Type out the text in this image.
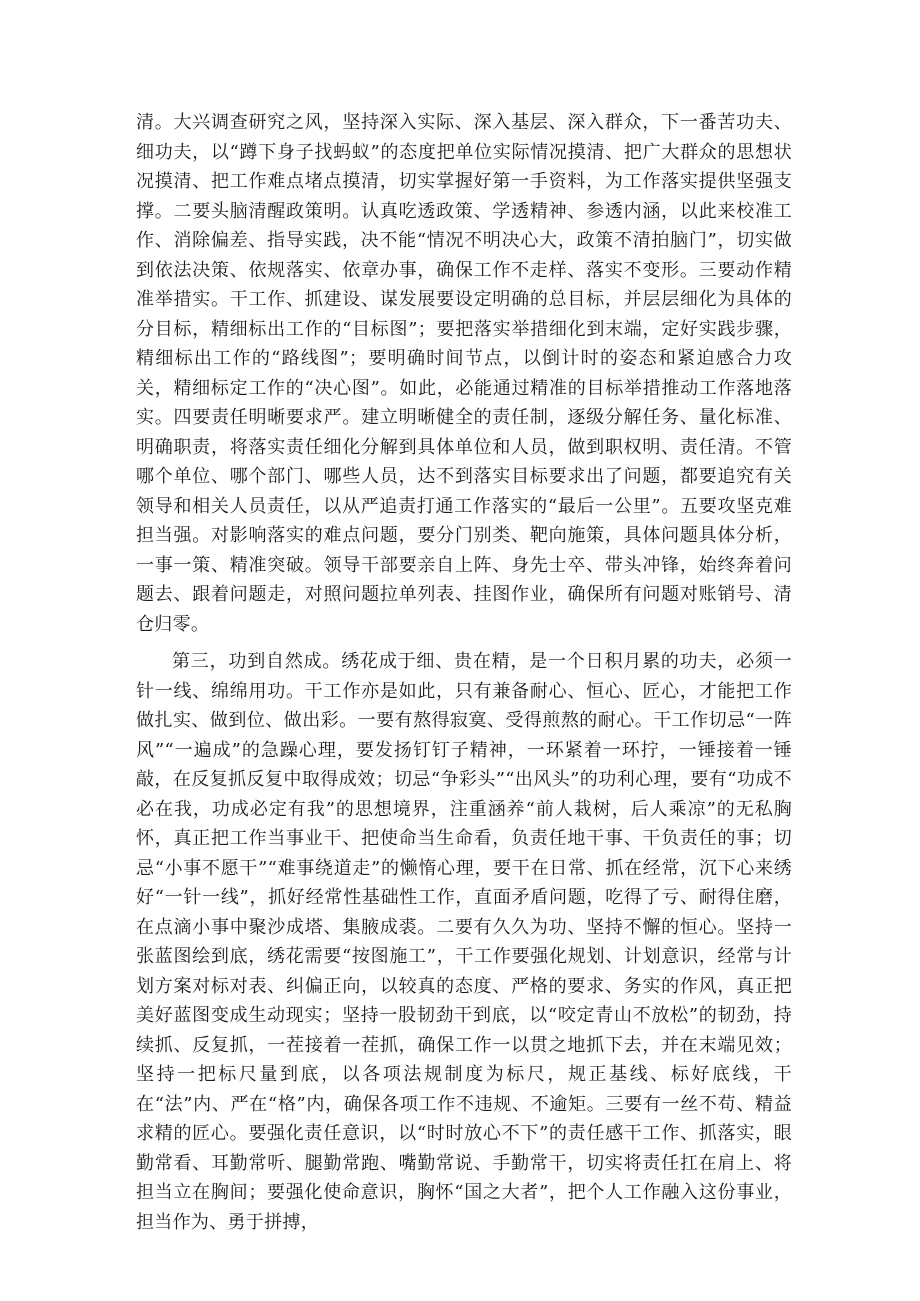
清。大兴调查研究之风，坚持深入实际、深入基层、深入群众，下一番苦功夫、细功夫，以“蹲下身子找蚂蚁”的态度把单位实际情况摸清、把广大群众的思想状况摸清、把工作难点堵点摸清，切实掌握好第一手资料，为工作落实提供坚强支撑。二要头脑清醒政策明。认真吃透政策、学透精神、参透内涵，以此来校准工作、消除偏差、指导实践，决不能“情况不明决心大，政策不清拍脑门”，切实做到依法决策、依规落实、依章办事，确保工作不走样、落实不变形。三要动作精准举措实。干工作、抓建设、谋发展要设定明确的总目标，并层层细化为具体的分目标，精细标出工作的“目标图”；要把落实举措细化到末端，定好实践步骤，精细标出工作的“路线图”；要明确时间节点，以倒计时的姿态和紧迫感合力攻关，精细标定工作的“决心图”。如此，必能通过精准的目标举措推动工作落地落实。四要责任明晰要求严。建立明晰健全的责任制，逐级分解任务、量化标准、明确职责，将落实责任细化分解到具体单位和人员，做到职权明、责任清。不管哪个单位、哪个部门、哪些人员，达不到落实目标要求出了问题，都要追究有关领导和相关人员责任，以从严追责打通工作落实的“最后一公里”。五要攻坚克难担当强。对影响落实的难点问题，要分门别类、靶向施策，具体问题具体分析，一事一策、精准突破。领导干部要亲自上阵、身先士卒、带头冲锋，始终奔着问题去、跟着问题走，对照问题拉单列表、挂图作业，确保所有问题对账销号、清仓归零。

第三，功到自然成。绣花成于细、贵在精，是一个日积月累的功夫，必须一针一线、绵绵用功。干工作亦是如此，只有兼备耐心、恒心、匠心，才能把工作做扎实、做到位、做出彩。一要有熬得寂寞、受得煎熬的耐心。干工作切忌“一阵风”“一遍成”的急躁心理，要发扬钉钉子精神，一环紧着一环拧，一锤接着一锤敲，在反复抓反复中取得成效；切忌“争彩头”“出风头”的功利心理，要有“功成不必在我，功成必定有我”的思想境界，注重涵养“前人栽树，后人乘凉”的无私胸怀，真正把工作当事业干、把使命当生命看，负责任地干事、干负责任的事；切忌“小事不愿干”“难事绕道走”的懒惰心理，要干在日常、抓在经常，沉下心来绣好“一针一线”，抓好经常性基础性工作，直面矛盾问题，吃得了亏、耐得住磨，在点滴小事中聚沙成塔、集腋成裘。二要有久久为功、坚持不懈的恒心。坚持一张蓝图绘到底，绣花需要“按图施工”，干工作要强化规划、计划意识，经常与计划方案对标对表、纠偏正向，以较真的态度、严格的要求、务实的作风，真正把美好蓝图变成生动现实；坚持一股韧劲干到底，以“咬定青山不放松”的韧劲，持续抓、反复抓，一茬接着一茬抓，确保工作一以贯之地抓下去，并在末端见效；坚持一把标尺量到底，以各项法规制度为标尺，规正基线、标好底线，干在“法”内、严在“格”内，确保各项工作不违规、不逾矩。三要有一丝不苟、精益求精的匠心。要强化责任意识，以“时时放心不下”的责任感干工作、抓落实，眼勤常看、耳勤常听、腿勤常跑、嘴勤常说、手勤常干，切实将责任扛在肩上、将担当立在胸间；要强化使命意识，胸怀“国之大者”，把个人工作融入这份事业，担当作为、勇于拼搏，
